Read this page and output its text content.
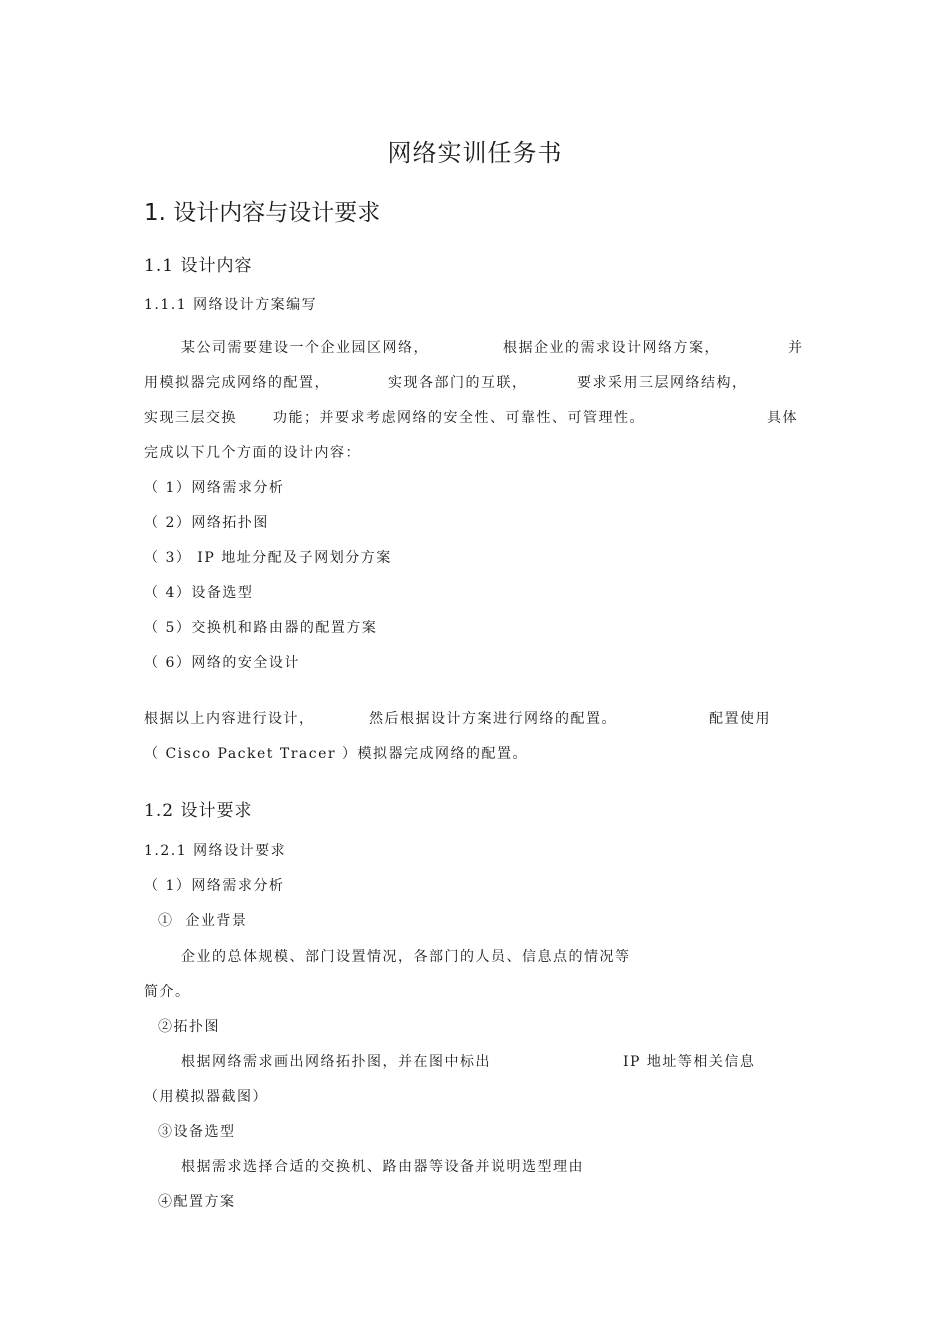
网络实训任务书
1. 设计内容与设计要求
1.1 设计内容
1.1.1 网络设计方案编写
某公司需要建设一个企业园区网络，	根据企业的需求设计网络方案，	并
用模拟器完成网络的配置，	实现各部门的互联，	要求采用三层网络结构，
实现三层交换	功能；并要求考虑网络的安全性、可靠性、可管理性。	具体
完成以下几个方面的设计内容：
（ 1）网络需求分析
（ 2）网络拓扑图
（ 3） IP 地址分配及子网划分方案
（ 4）设备选型
（ 5）交换机和路由器的配置方案
（ 6）网络的安全设计
根据以上内容进行设计，	然后根据设计方案进行网络的配置。	配置使用
（ Cisco Packet Tracer ）模拟器完成网络的配置。
1.2 设计要求
1.2.1 网络设计要求
（ 1）网络需求分析
①  企业背景
企业的总体规模、部门设置情况，各部门的人员、信息点的情况等
简介。
②拓扑图
根据网络需求画出网络拓扑图，并在图中标出	IP 地址等相关信息
（用模拟器截图）
③设备选型
根据需求选择合适的交换机、路由器等设备并说明选型理由
④配置方案
